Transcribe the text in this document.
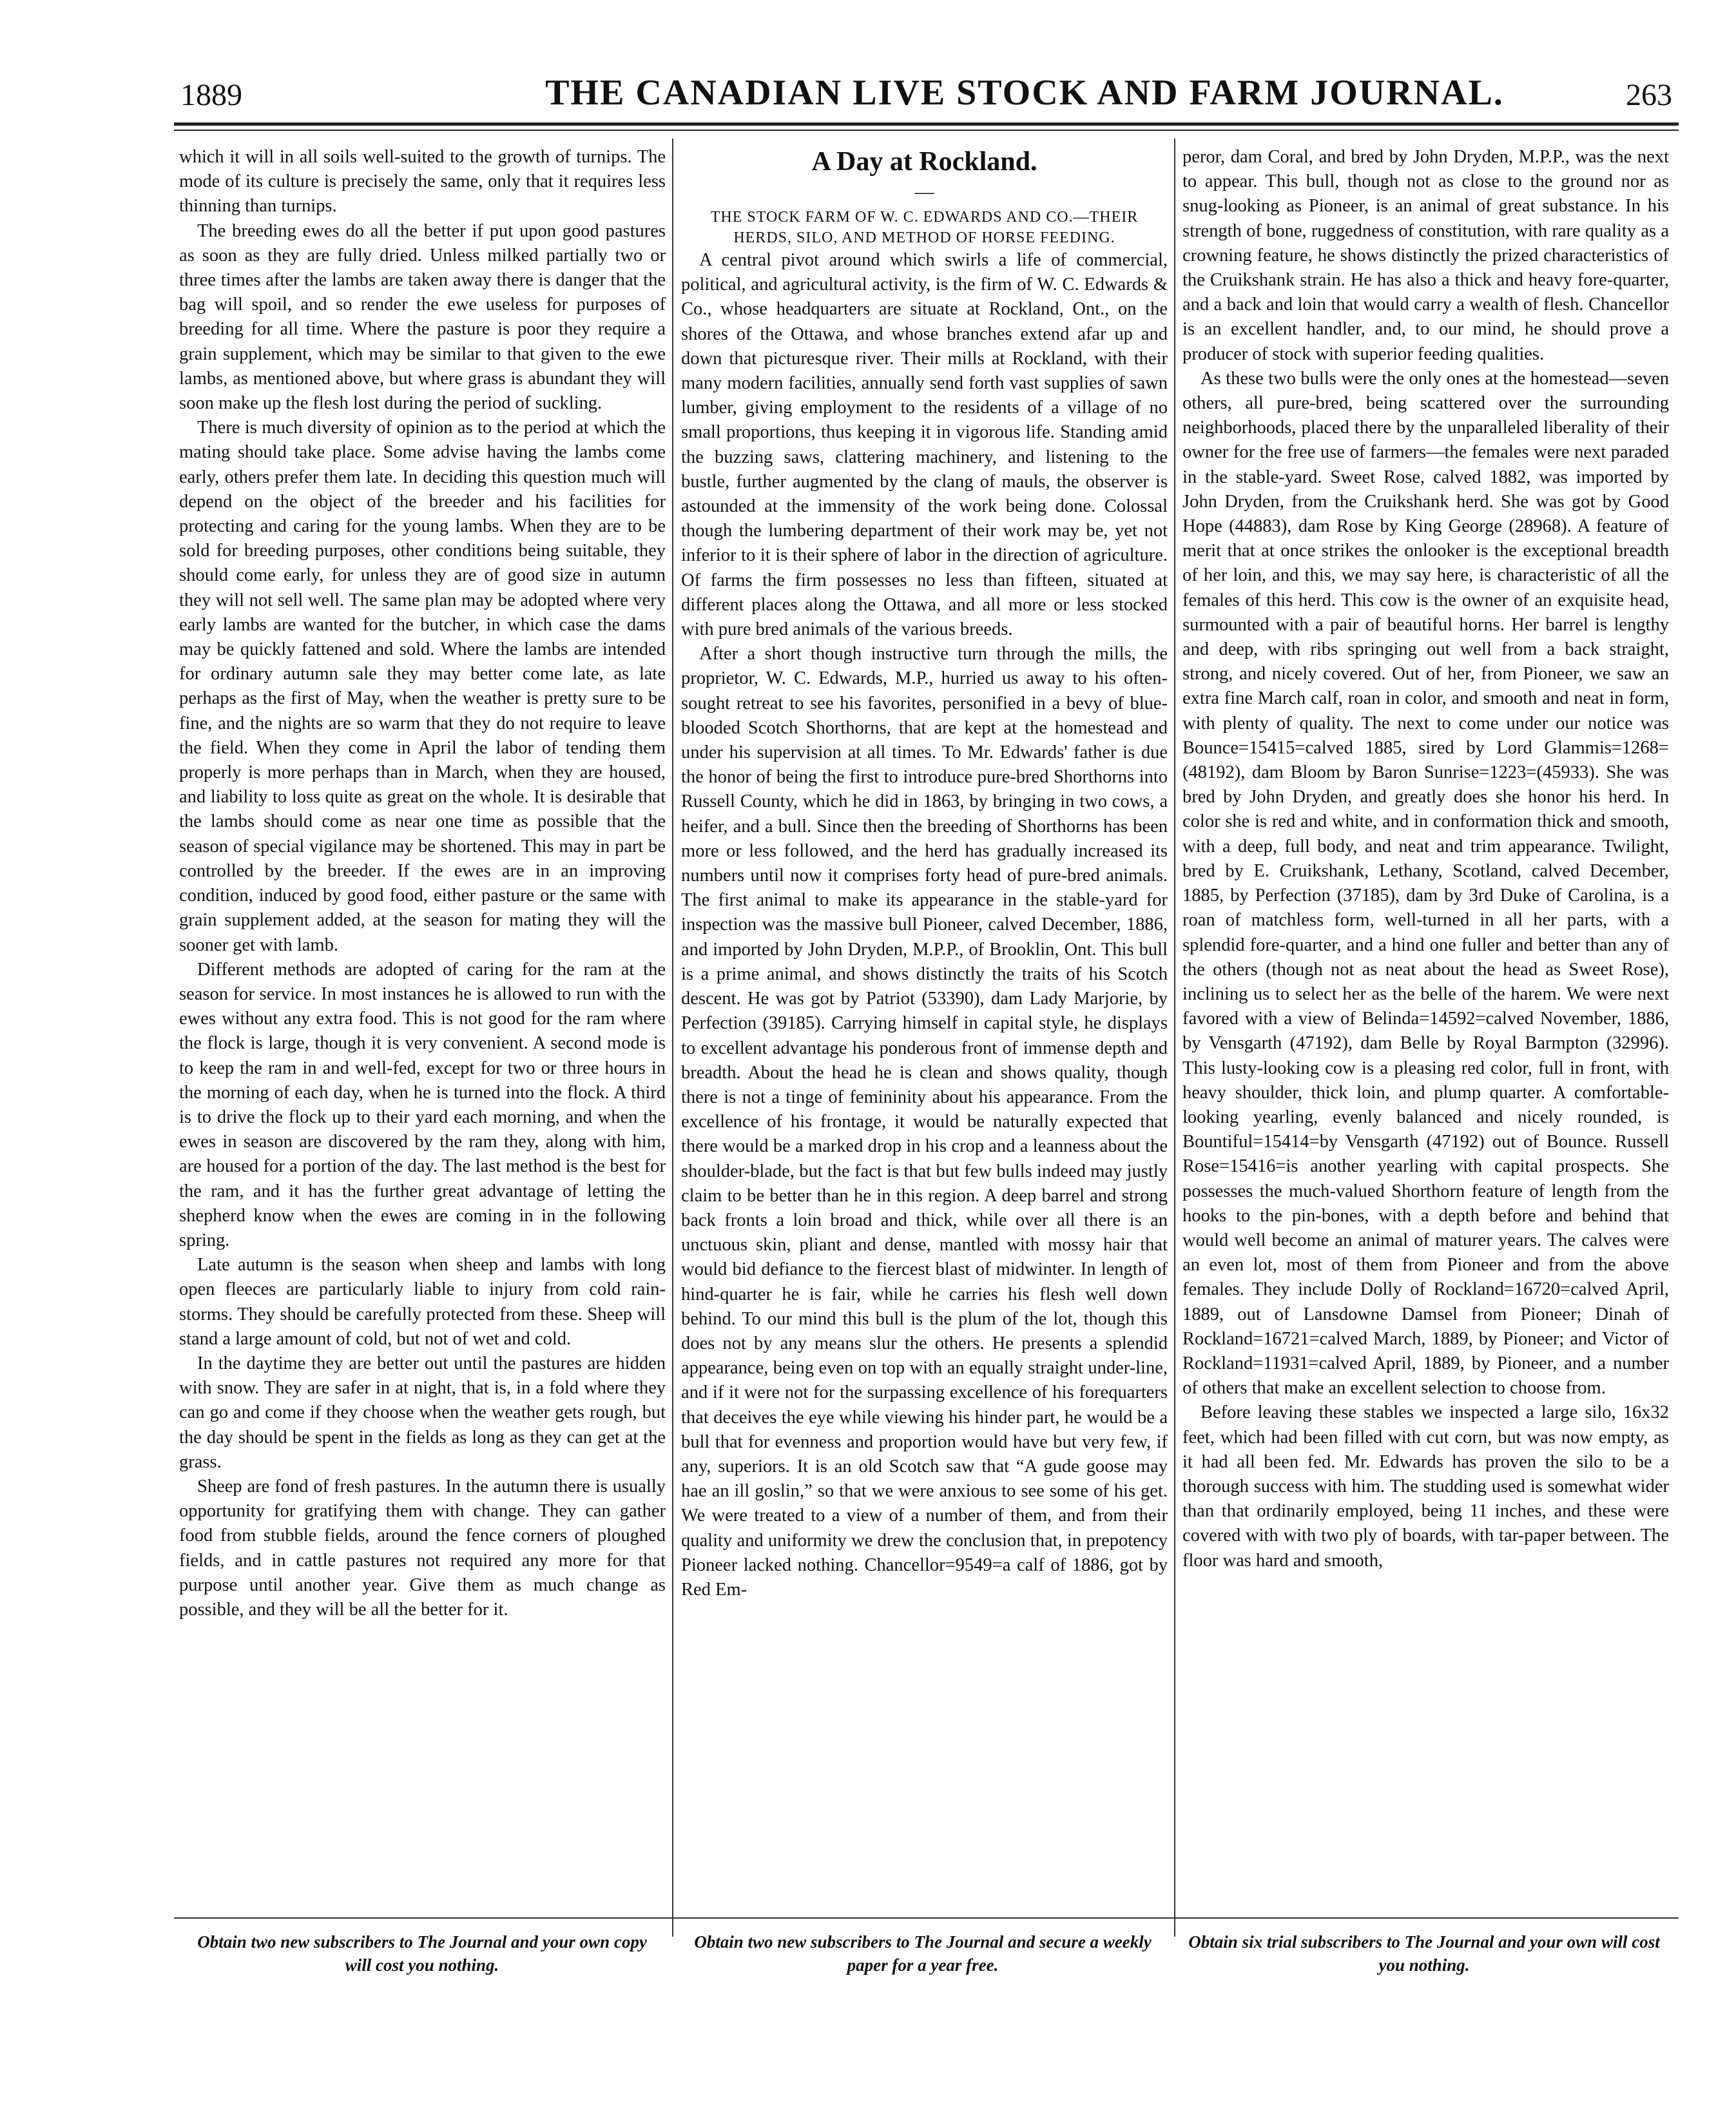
1889	THE CANADIAN LIVE STOCK AND FARM JOURNAL.	263

which it will in all soils well-suited to the growth of turnips. The mode of its culture is precisely the same, only that it requires less thinning than turnips.

The breeding ewes do all the better if put upon good pastures as soon as they are fully dried. Unless milked partially two or three times after the lambs are taken away there is danger that the bag will spoil, and so render the ewe useless for purposes of breeding for all time. Where the pasture is poor they require a grain supplement, which may be similar to that given to the ewe lambs, as mentioned above, but where grass is abundant they will soon make up the flesh lost during the period of suckling.

There is much diversity of opinion as to the period at which the mating should take place. Some advise having the lambs come early, others prefer them late. In deciding this question much will depend on the object of the breeder and his facilities for protecting and caring for the young lambs. When they are to be sold for breeding purposes, other conditions being suitable, they should come early, for unless they are of good size in autumn they will not sell well. The same plan may be adopted where very early lambs are wanted for the butcher, in which case the dams may be quickly fattened and sold. Where the lambs are intended for ordinary autumn sale they may better come late, as late perhaps as the first of May, when the weather is pretty sure to be fine, and the nights are so warm that they do not require to leave the field. When they come in April the labor of tending them properly is more perhaps than in March, when they are housed, and liability to loss quite as great on the whole. It is desirable that the lambs should come as near one time as possible that the season of special vigilance may be shortened. This may in part be controlled by the breeder. If the ewes are in an improving condition, induced by good food, either pasture or the same with grain supplement added, at the season for mating they will the sooner get with lamb.

Different methods are adopted of caring for the ram at the season for service. In most instances he is allowed to run with the ewes without any extra food. This is not good for the ram where the flock is large, though it is very convenient. A second mode is to keep the ram in and well-fed, except for two or three hours in the morning of each day, when he is turned into the flock. A third is to drive the flock up to their yard each morning, and when the ewes in season are discovered by the ram they, along with him, are housed for a portion of the day. The last method is the best for the ram, and it has the further great advantage of letting the shepherd know when the ewes are coming in in the following spring.

Late autumn is the season when sheep and lambs with long open fleeces are particularly liable to injury from cold rain-storms. They should be carefully protected from these. Sheep will stand a large amount of cold, but not of wet and cold.

In the daytime they are better out until the pastures are hidden with snow. They are safer in at night, that is, in a fold where they can go and come if they choose when the weather gets rough, but the day should be spent in the fields as long as they can get at the grass.

Sheep are fond of fresh pastures. In the autumn there is usually opportunity for gratifying them with change. They can gather food from stubble fields, around the fence corners of ploughed fields, and in cattle pastures not required any more for that purpose until another year. Give them as much change as possible, and they will be all the better for it.

A Day at Rockland.
—

THE STOCK FARM OF W. C. EDWARDS AND CO.—THEIR HERDS, SILO, AND METHOD OF HORSE FEEDING.

A central pivot around which swirls a life of commercial, political, and agricultural activity, is the firm of W. C. Edwards & Co., whose headquarters are situate at Rockland, Ont., on the shores of the Ottawa, and whose branches extend afar up and down that picturesque river. Their mills at Rockland, with their many modern facilities, annually send forth vast supplies of sawn lumber, giving employment to the residents of a village of no small proportions, thus keeping it in vigorous life. Standing amid the buzzing saws, clattering machinery, and listening to the bustle, further augmented by the clang of mauls, the observer is astounded at the immensity of the work being done. Colossal though the lumbering department of their work may be, yet not inferior to it is their sphere of labor in the direction of agriculture. Of farms the firm possesses no less than fifteen, situated at different places along the Ottawa, and all more or less stocked with pure bred animals of the various breeds.

After a short though instructive turn through the mills, the proprietor, W. C. Edwards, M.P., hurried us away to his often-sought retreat to see his favorites, personified in a bevy of blue-blooded Scotch Shorthorns, that are kept at the homestead and under his supervision at all times. To Mr. Edwards' father is due the honor of being the first to introduce pure-bred Shorthorns into Russell County, which he did in 1863, by bringing in two cows, a heifer, and a bull. Since then the breeding of Shorthorns has been more or less followed, and the herd has gradually increased its numbers until now it comprises forty head of pure-bred animals. The first animal to make its appearance in the stable-yard for inspection was the massive bull Pioneer, calved December, 1886, and imported by John Dryden, M.P.P., of Brooklin, Ont. This bull is a prime animal, and shows distinctly the traits of his Scotch descent. He was got by Patriot (53390), dam Lady Marjorie, by Perfection (39185). Carrying himself in capital style, he displays to excellent advantage his ponderous front of immense depth and breadth. About the head he is clean and shows quality, though there is not a tinge of femininity about his appearance. From the excellence of his frontage, it would be naturally expected that there would be a marked drop in his crop and a leanness about the shoulder-blade, but the fact is that but few bulls indeed may justly claim to be better than he in this region. A deep barrel and strong back fronts a loin broad and thick, while over all there is an unctuous skin, pliant and dense, mantled with mossy hair that would bid defiance to the fiercest blast of midwinter. In length of hind-quarter he is fair, while he carries his flesh well down behind. To our mind this bull is the plum of the lot, though this does not by any means slur the others. He presents a splendid appearance, being even on top with an equally straight under-line, and if it were not for the surpassing excellence of his forequarters that deceives the eye while viewing his hinder part, he would be a bull that for evenness and proportion would have but very few, if any, superiors. It is an old Scotch saw that “A gude goose may hae an ill goslin,” so that we were anxious to see some of his get. We were treated to a view of a number of them, and from their quality and uniformity we drew the conclusion that, in prepotency Pioneer lacked nothing. Chancellor=9549=a calf of 1886, got by Red Em-

peror, dam Coral, and bred by John Dryden, M.P.P., was the next to appear. This bull, though not as close to the ground nor as snug-looking as Pioneer, is an animal of great substance. In his strength of bone, ruggedness of constitution, with rare quality as a crowning feature, he shows distinctly the prized characteristics of the Cruikshank strain. He has also a thick and heavy fore-quarter, and a back and loin that would carry a wealth of flesh. Chancellor is an excellent handler, and, to our mind, he should prove a producer of stock with superior feeding qualities.

As these two bulls were the only ones at the homestead—seven others, all pure-bred, being scattered over the surrounding neighborhoods, placed there by the unparalleled liberality of their owner for the free use of farmers—the females were next paraded in the stable-yard. Sweet Rose, calved 1882, was imported by John Dryden, from the Cruikshank herd. She was got by Good Hope (44883), dam Rose by King George (28968). A feature of merit that at once strikes the onlooker is the exceptional breadth of her loin, and this, we may say here, is characteristic of all the females of this herd. This cow is the owner of an exquisite head, surmounted with a pair of beautiful horns. Her barrel is lengthy and deep, with ribs springing out well from a back straight, strong, and nicely covered. Out of her, from Pioneer, we saw an extra fine March calf, roan in color, and smooth and neat in form, with plenty of quality. The next to come under our notice was Bounce=15415=calved 1885, sired by Lord Glammis=1268=(48192), dam Bloom by Baron Sunrise=1223=(45933). She was bred by John Dryden, and greatly does she honor his herd. In color she is red and white, and in conformation thick and smooth, with a deep, full body, and neat and trim appearance. Twilight, bred by E. Cruikshank, Lethany, Scotland, calved December, 1885, by Perfection (37185), dam by 3rd Duke of Carolina, is a roan of matchless form, well-turned in all her parts, with a splendid fore-quarter, and a hind one fuller and better than any of the others (though not as neat about the head as Sweet Rose), inclining us to select her as the belle of the harem. We were next favored with a view of Belinda=14592=calved November, 1886, by Vensgarth (47192), dam Belle by Royal Barmpton (32996). This lusty-looking cow is a pleasing red color, full in front, with heavy shoulder, thick loin, and plump quarter. A comfortable-looking yearling, evenly balanced and nicely rounded, is Bountiful=15414=by Vensgarth (47192) out of Bounce. Russell Rose=15416=is another yearling with capital prospects. She possesses the much-valued Shorthorn feature of length from the hooks to the pin-bones, with a depth before and behind that would well become an animal of maturer years. The calves were an even lot, most of them from Pioneer and from the above females. They include Dolly of Rockland=16720=calved April, 1889, out of Lansdowne Damsel from Pioneer; Dinah of Rockland=16721=calved March, 1889, by Pioneer; and Victor of Rockland=11931=calved April, 1889, by Pioneer, and a number of others that make an excellent selection to choose from.

Before leaving these stables we inspected a large silo, 16x32 feet, which had been filled with cut corn, but was now empty, as it had all been fed. Mr. Edwards has proven the silo to be a thorough success with him. The studding used is somewhat wider than that ordinarily employed, being 11 inches, and these were covered with with two ply of boards, with tar-paper between. The floor was hard and smooth,

Obtain two new subscribers to The Journal and your own copy will cost you nothing.
Obtain two new subscribers to The Journal and secure a weekly paper for a year free.
Obtain six trial subscribers to The Journal and your own will cost you nothing.
